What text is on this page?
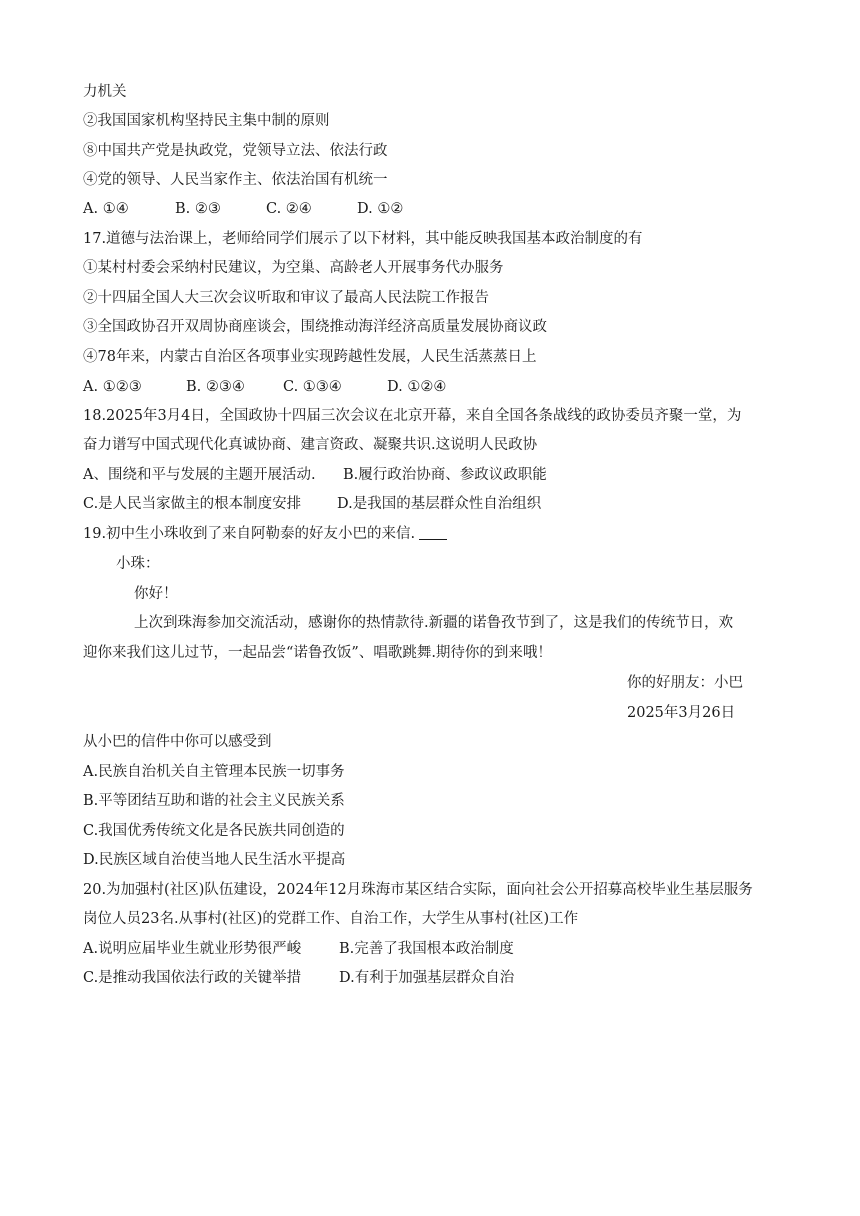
力机关
②我国国家机构坚持民主集中制的原则
⑧中国共产党是执政党，党领导立法、依法行政
④党的领导、人民当家作主、依法治国有机统一
A. ①④	B. ②③	C. ②④	D. ①②
17.道德与法治课上，老师给同学们展示了以下材料，其中能反映我国基本政治制度的有
①某村村委会采纳村民建议，为空巢、高龄老人开展事务代办服务
②十四届全国人大三次会议听取和审议了最高人民法院工作报告
③全国政协召开双周协商座谈会，围绕推动海洋经济高质量发展协商议政
④78年来，内蒙古自治区各项事业实现跨越性发展，人民生活蒸蒸日上
A. ①②③	B. ②③④	C. ①③④	D. ①②④
18.2025年3月4日，全国政协十四届三次会议在北京开幕，来自全国各条战线的政协委员齐聚一堂，为
奋力谱写中国式现代化真诚协商、建言资政、凝聚共识.这说明人民政协
A、围绕和平与发展的主题开展活动. B.履行政治协商、参政议政职能
C.是人民当家做主的根本制度安排 D.是我国的基层群众性自治组织
19.初中生小珠收到了来自阿勒泰的好友小巴的来信.
小珠：
你好！
上次到珠海参加交流活动，感谢你的热情款待.新疆的诺鲁孜节到了，这是我们的传统节日，欢
迎你来我们这儿过节，一起品尝“诺鲁孜饭”、唱歌跳舞.期待你的到来哦！
你的好朋友：小巴
2025年3月26日
从小巴的信件中你可以感受到
A.民族自治机关自主管理本民族一切事务
B.平等团结互助和谐的社会主义民族关系
C.我国优秀传统文化是各民族共同创造的
D.民族区域自治使当地人民生活水平提高
20.为加强村(社区)队伍建设，2024年12月珠海市某区结合实际，面向社会公开招募高校毕业生基层服务
岗位人员23名.从事村(社区)的党群工作、自治工作，大学生从事村(社区)工作
A.说明应届毕业生就业形势很严峻	B.完善了我国根本政治制度
C.是推动我国依法行政的关键举措	D.有利于加强基层群众自治
